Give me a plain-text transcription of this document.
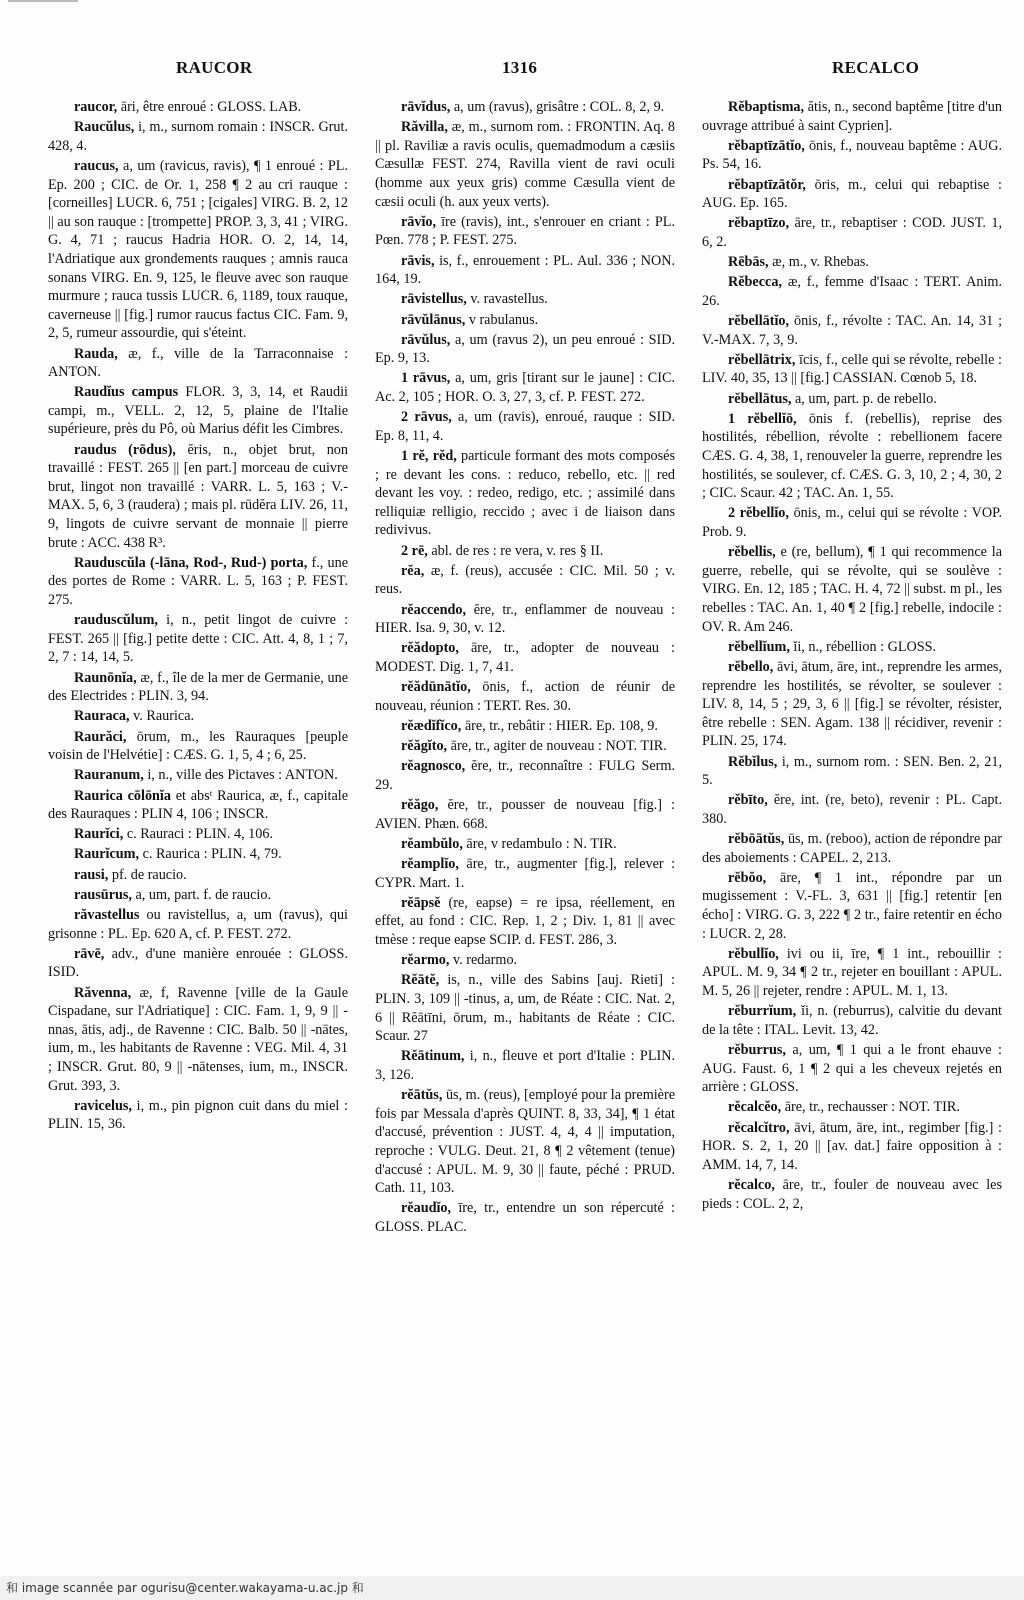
RAUCOR	1316	RECALCO

raucor, āri, être enroué : GLOSS. LAB.

Raucŭlus, i, m., surnom romain : INSCR. Grut. 428, 4.

raucus, a, um (ravicus, ravis), ¶ 1 enroué : PL. Ep. 200 ; CIC. de Or. 1, 258 ¶ 2 au cri rauque : [corneilles] LUCR. 6, 751 ; [cigales] VIRG. B. 2, 12 || au son rauque : [trompette] PROP. 3, 3, 41 ; VIRG. G. 4, 71 ; raucus Hadria HOR. O. 2, 14, 14, l'Adriatique aux grondements rauques ; amnis rauca sonans VIRG. En. 9, 125, le fleuve avec son rauque murmure ; rauca tussis LUCR. 6, 1189, toux rauque, caverneuse || [fig.] rumor raucus factus CIC. Fam. 9, 2, 5, rumeur assourdie, qui s'éteint.

Rauda, æ, f., ville de la Tarraconnaise : ANTON.

Raudĭus campus FLOR. 3, 3, 14, et Raudii campi, m., VELL. 2, 12, 5, plaine de l'Italie supérieure, près du Pô, où Marius défit les Cimbres.

raudus (rōdus), ĕris, n., objet brut, non travaillé : FEST. 265 || [en part.] morceau de cuivre brut, lingot non travaillé : VARR. L. 5, 163 ; V.-MAX. 5, 6, 3 (raudera) ; mais pl. rūdĕra LIV. 26, 11, 9, lingots de cuivre servant de monnaie || pierre brute : ACC. 438 R³.

Rauduscŭla (-lāna, Rod-, Rud-) porta, f., une des portes de Rome : VARR. L. 5, 163 ; P. FEST. 275.

rauduscŭlum, i, n., petit lingot de cuivre : FEST. 265 || [fig.] petite dette : CIC. Att. 4, 8, 1 ; 7, 2, 7 : 14, 14, 5.

Raunōnĭa, æ, f., île de la mer de Germanie, une des Electrides : PLIN. 3, 94.

Rauraca, v. Raurica.

Raurăci, ōrum, m., les Rauraques [peuple voisin de l'Helvétie] : CÆS. G. 1, 5, 4 ; 6, 25.

Rauranum, i, n., ville des Pictaves : ANTON.

Raurica cōlōnĭa et absᵗ Raurica, æ, f., capitale des Rauraques : PLIN 4, 106 ; INSCR.

Raurĭci, c. Rauraci : PLIN. 4, 106.

Raurĭcum, c. Raurica : PLIN. 4, 79.

rausi, pf. de raucio.

rausūrus, a, um, part. f. de raucio.

răvastellus ou ravistellus, a, um (ravus), qui grisonne : PL. Ep. 620 A, cf. P. FEST. 272.

rāvē, adv., d'une manière enrouée : GLOSS. ISID.

Răvenna, æ, f, Ravenne [ville de la Gaule Cispadane, sur l'Adriatique] : CIC. Fam. 1, 9, 9 || -nnas, ātis, adj., de Ravenne : CIC. Balb. 50 || -nātes, ium, m., les habitants de Ravenne : VEG. Mil. 4, 31 ; INSCR. Grut. 80, 9 || -nātenses, ium, m., INSCR. Grut. 393, 3.

ravicelus, i, m., pin pignon cuit dans du miel : PLIN. 15, 36.

rāvĭdus, a, um (ravus), grisâtre : COL. 8, 2, 9.

Răvilla, æ, m., surnom rom. : FRONTIN. Aq. 8 || pl. Raviliæ a ravis oculis, quemadmodum a cæsiis Cæsullæ FEST. 274, Ravilla vient de ravi oculi (homme aux yeux gris) comme Cæsulla vient de cæsii oculi (h. aux yeux verts).

rāvĭo, īre (ravis), int., s'enrouer en criant : PL. Pœn. 778 ; P. FEST. 275.

rāvis, is, f., enrouement : PL. Aul. 336 ; NON. 164, 19.

rāvistellus, v. ravastellus.

rāvŭlānus, v rabulanus.

rāvŭlus, a, um (ravus 2), un peu enroué : SID. Ep. 9, 13.

1 rāvus, a, um, gris [tirant sur le jaune] : CIC. Ac. 2, 105 ; HOR. O. 3, 27, 3, cf. P. FEST. 272.

2 rāvus, a, um (ravis), enroué, rauque : SID. Ep. 8, 11, 4.

1 rĕ, rĕd, particule formant des mots composés ; re devant les cons. : reduco, rebello, etc. || red devant les voy. : redeo, redigo, etc. ; assimilé dans relliquiæ relligio, reccido ; avec i de liaison dans redivivus.

2 rē, abl. de res : re vera, v. res § II.

rĕa, æ, f. (reus), accusée : CIC. Mil. 50 ; v. reus.

rĕaccendo, ĕre, tr., enflammer de nouveau : HIER. Isa. 9, 30, v. 12.

rĕădopto, āre, tr., adopter de nouveau : MODEST. Dig. 1, 7, 41.

rĕădūnātĭo, ōnis, f., action de réunir de nouveau, réunion : TERT. Res. 30.

rĕædĭfĭco, āre, tr., rebâtir : HIER. Ep. 108, 9.

rĕăgĭto, āre, tr., agiter de nouveau : NOT. TIR.

rĕagnosco, ĕre, tr., reconnaître : FULG Serm. 29.

rĕăgo, ĕre, tr., pousser de nouveau [fig.] : AVIEN. Phæn. 668.

rĕambŭlo, āre, v redambulo : N. TIR.

rĕamplĭo, āre, tr., augmenter [fig.], relever : CYPR. Mart. 1.

rĕāpsĕ (re, eapse) = re ipsa, réellement, en effet, au fond : CIC. Rep. 1, 2 ; Div. 1, 81 || avec tmèse : reque eapse SCIP. d. FEST. 286, 3.

rĕarmo, v. redarmo.

Rĕātĕ, is, n., ville des Sabins [auj. Rieti] : PLIN. 3, 109 || -tinus, a, um, de Réate : CIC. Nat. 2, 6 || Rĕātīni, ōrum, m., habitants de Réate : CIC. Scaur. 27

Rĕātinum, i, n., fleuve et port d'Italie : PLIN. 3, 126.

rĕātŭs, ūs, m. (reus), [employé pour la première fois par Messala d'après QUINT. 8, 33, 34], ¶ 1 état d'accusé, prévention : JUST. 4, 4, 4 || imputation, reproche : VULG. Deut. 21, 8 ¶ 2 vêtement (tenue) d'accusé : APUL. M. 9, 30 || faute, péché : PRUD. Cath. 11, 103.

rĕaudĭo, īre, tr., entendre un son répercuté : GLOSS. PLAC.

Rĕbaptisma, ătis, n., second baptême [titre d'un ouvrage attribué à saint Cyprien].

rĕbaptīzātĭo, ōnis, f., nouveau baptême : AUG. Ps. 54, 16.

rĕbaptīzātŏr, ōris, m., celui qui rebaptise : AUG. Ep. 165.

rĕbaptīzo, āre, tr., rebaptiser : COD. JUST. 1, 6, 2.

Rēbās, æ, m., v. Rhebas.

Rĕbecca, æ, f., femme d'Isaac : TERT. Anim. 26.

rĕbellātĭo, ōnis, f., révolte : TAC. An. 14, 31 ; V.-MAX. 7, 3, 9.

rĕbellātrix, īcis, f., celle qui se révolte, rebelle : LIV. 40, 35, 13 || [fig.] CASSIAN. Cœnob 5, 18.

rĕbellātus, a, um, part. p. de rebello.

1 rĕbellĭō, ōnis f. (rebellis), reprise des hostilités, rébellion, révolte : rebellionem facere CÆS. G. 4, 38, 1, renouveler la guerre, reprendre les hostilités, se soulever, cf. CÆS. G. 3, 10, 2 ; 4, 30, 2 ; CIC. Scaur. 42 ; TAC. An. 1, 55.

2 rĕbellĭo, ōnis, m., celui qui se révolte : VOP. Prob. 9.

rĕbellis, e (re, bellum), ¶ 1 qui recommence la guerre, rebelle, qui se révolte, qui se soulève : VIRG. En. 12, 185 ; TAC. H. 4, 72 || subst. m pl., les rebelles : TAC. An. 1, 40 ¶ 2 [fig.] rebelle, indocile : OV. R. Am 246.

rĕbellĭum, ĭi, n., rébellion : GLOSS.

rĕbello, āvi, ātum, āre, int., reprendre les armes, reprendre les hostilités, se révolter, se soulever : LIV. 8, 14, 5 ; 29, 3, 6 || [fig.] se révolter, résister, être rebelle : SEN. Agam. 138 || récidiver, revenir : PLIN. 25, 174.

Rĕbĭlus, i, m., surnom rom. : SEN. Ben. 2, 21, 5.

rĕbīto, ĕre, int. (re, beto), revenir : PL. Capt. 380.

rĕbōātŭs, ūs, m. (reboo), action de répondre par des aboiements : CAPEL. 2, 213.

rĕbŏo, āre, ¶ 1 int., répondre par un mugissement : V.-FL. 3, 631 || [fig.] retentir [en écho] : VIRG. G. 3, 222 ¶ 2 tr., faire retentir en écho : LUCR. 2, 28.

rĕbullĭo, ivi ou ii, īre, ¶ 1 int., rebouillir : APUL. M. 9, 34 ¶ 2 tr., rejeter en bouillant : APUL. M. 5, 26 || rejeter, rendre : APUL. M. 1, 13.

rĕburrĭum, ĭi, n. (reburrus), calvitie du devant de la tête : ITAL. Levit. 13, 42.

rĕburrus, a, um, ¶ 1 qui a le front ehauve : AUG. Faust. 6, 1 ¶ 2 qui a les cheveux rejetés en arrière : GLOSS.

rĕcalcĕo, āre, tr., rechausser : NOT. TIR.

rĕcalcĭtro, āvi, ātum, āre, int., regimber [fig.] : HOR. S. 2, 1, 20 || [av. dat.] faire opposition à : AMM. 14, 7, 14.

rĕcalco, āre, tr., fouler de nouveau avec les pieds : COL. 2, 2,

和 image scannée par ogurisu@center.wakayama-u.ac.jp 和
